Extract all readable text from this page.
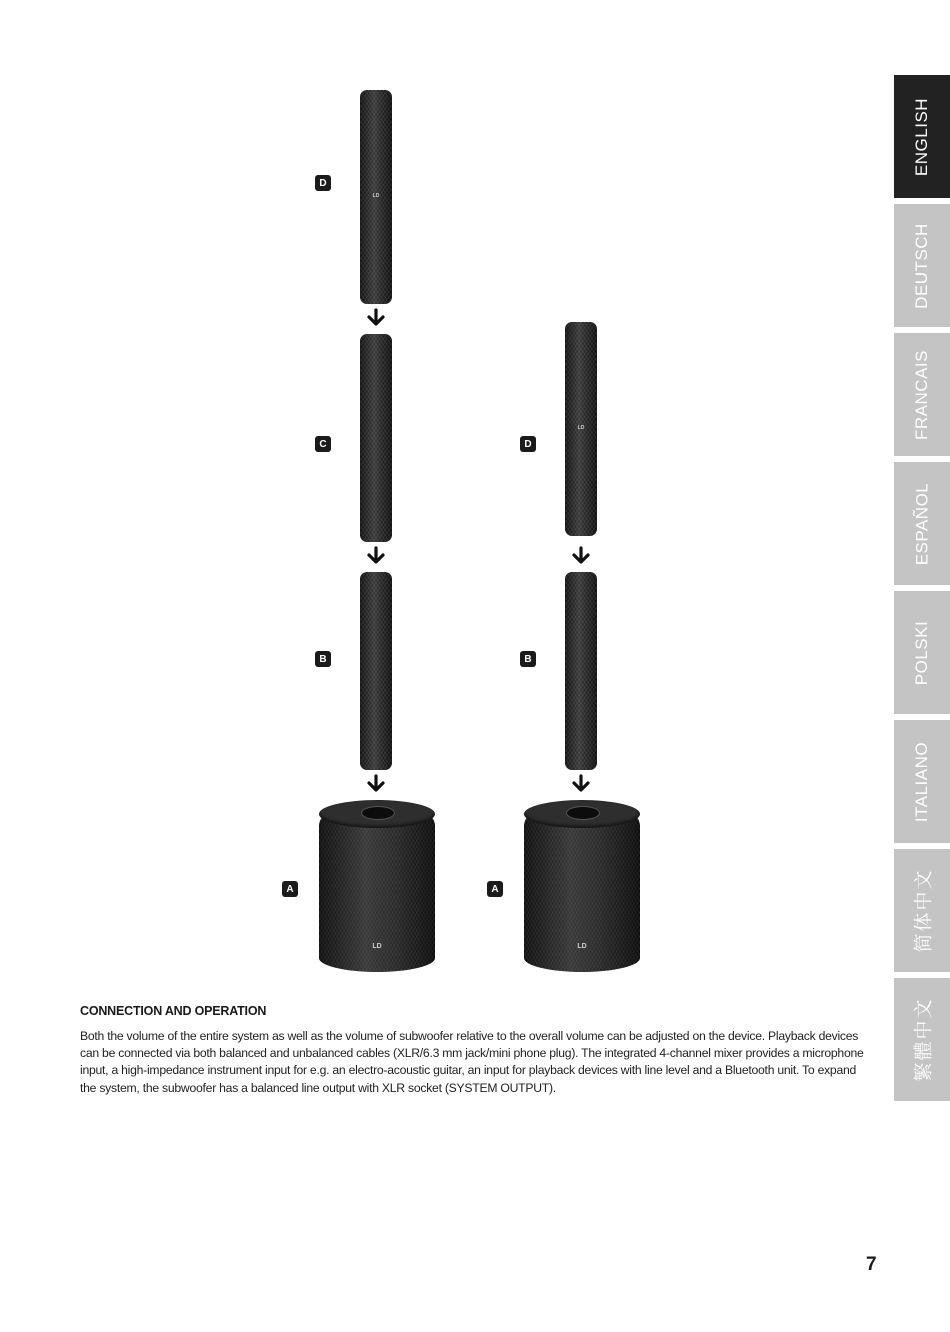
ENGLISH
DEUTSCH
FRANCAIS
ESPAÑOL
POLSKI
ITALIANO
简体中文
繁體中文
LD
D
C
B
A
LD
LD
D
B
A
LD
CONNECTION AND OPERATION

Both the volume of the entire system as well as the volume of subwoofer relative to the overall volume can be adjusted on the device. Playback devices can be connected via both balanced and unbalanced cables (XLR/6.3 mm jack/mini phone plug). The integrated 4-channel mixer provides a microphone input, a high-impedance instrument input for e.g. an electro-acoustic guitar, an input for playback devices with line level and a Bluetooth unit. To expand the system, the subwoofer has a balanced line output with XLR socket (SYSTEM OUTPUT).

7
